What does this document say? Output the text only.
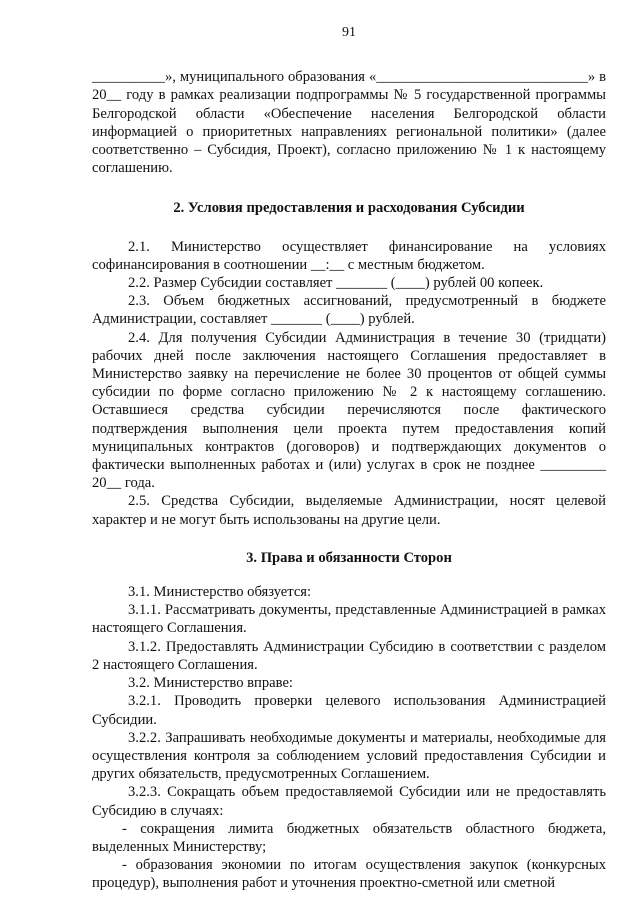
91

__________», муниципального образования «_____________________________» в 20__ году в рамках реализации подпрограммы № 5 государственной программы Белгородской области «Обеспечение населения Белгородской области информацией о приоритетных направлениях региональной политики» (далее соответственно – Субсидия, Проект), согласно приложению № 1 к настоящему соглашению.

2. Условия предоставления и расходования Субсидии

2.1. Министерство осуществляет финансирование на условиях софинансирования в соотношении __:__ с местным бюджетом.

2.2. Размер Субсидии составляет _______ (____) рублей 00 копеек.

2.3. Объем бюджетных ассигнований, предусмотренный в бюджете Администрации, составляет _______ (____) рублей.

2.4. Для получения Субсидии Администрация в течение 30 (тридцати) рабочих дней после заключения настоящего Соглашения предоставляет в Министерство заявку на перечисление не более 30 процентов от общей суммы субсидии по форме согласно приложению № 2 к настоящему соглашению. Оставшиеся средства субсидии перечисляются после фактического подтверждения выполнения цели проекта путем предоставления копий муниципальных контрактов (договоров) и подтверждающих документов о фактически выполненных работах и (или) услугах в срок не позднее _________ 20__ года.

2.5. Средства Субсидии, выделяемые Администрации, носят целевой характер и не могут быть использованы на другие цели.

3. Права и обязанности Сторон

3.1. Министерство обязуется:

3.1.1. Рассматривать документы, представленные Администрацией в рамках настоящего Соглашения.

3.1.2. Предоставлять Администрации Субсидию в соответствии с разделом 2 настоящего Соглашения.

3.2. Министерство вправе:

3.2.1. Проводить проверки целевого использования Администрацией Субсидии.

3.2.2. Запрашивать необходимые документы и материалы, необходимые для осуществления контроля за соблюдением условий предоставления Субсидии и других обязательств, предусмотренных Соглашением.

3.2.3. Сокращать объем предоставляемой Субсидии или не предоставлять Субсидию в случаях:

- сокращения лимита бюджетных обязательств областного бюджета, выделенных Министерству;

- образования экономии по итогам осуществления закупок (конкурсных процедур), выполнения работ и уточнения проектно-сметной или сметной
